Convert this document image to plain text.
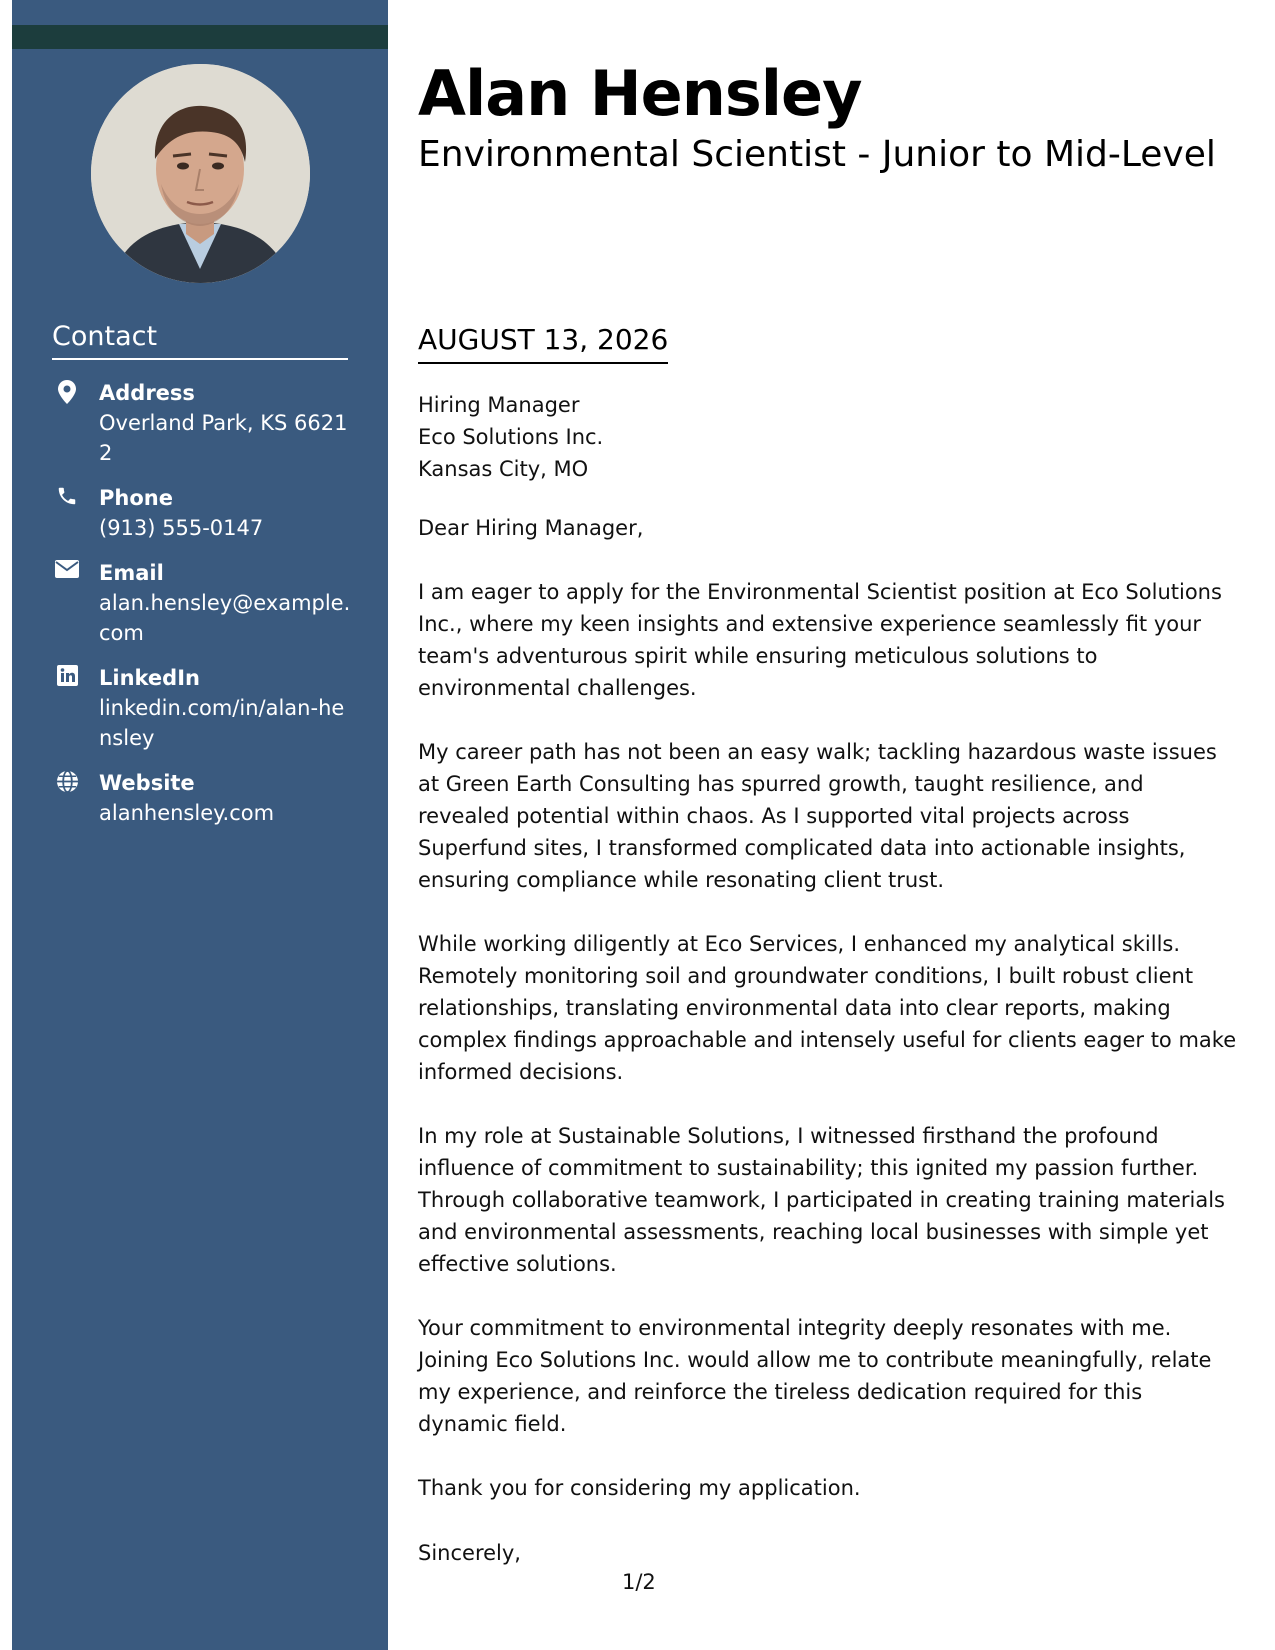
Contact
Address
Overland Park, KS 66212
Phone
(913) 555-0147
Email
alan.hensley@example.com
LinkedIn
linkedin.com/in/alan-hensley
Website
alanhensley.com
Alan Hensley
Environmental Scientist - Junior to Mid-Level
AUGUST 13, 2026
Hiring Manager
Eco Solutions Inc.
Kansas City, MO

Dear Hiring Manager,

I am eager to apply for the Environmental Scientist position at Eco Solutions Inc., where my keen insights and extensive experience seamlessly fit your team's adventurous spirit while ensuring meticulous solutions to environmental challenges.

My career path has not been an easy walk; tackling hazardous waste issues at Green Earth Consulting has spurred growth, taught resilience, and revealed potential within chaos. As I supported vital projects across Superfund sites, I transformed complicated data into actionable insights, ensuring compliance while resonating client trust.

While working diligently at Eco Services, I enhanced my analytical skills. Remotely monitoring soil and groundwater conditions, I built robust client relationships, translating environmental data into clear reports, making complex findings approachable and intensely useful for clients eager to make informed decisions.

In my role at Sustainable Solutions, I witnessed firsthand the profound influence of commitment to sustainability; this ignited my passion further. Through collaborative teamwork, I participated in creating training materials and environmental assessments, reaching local businesses with simple yet effective solutions.

Your commitment to environmental integrity deeply resonates with me. Joining Eco Solutions Inc. would allow me to contribute meaningfully, relate my experience, and reinforce the tireless dedication required for this dynamic field.

Thank you for considering my application.

Sincerely,
1/2
